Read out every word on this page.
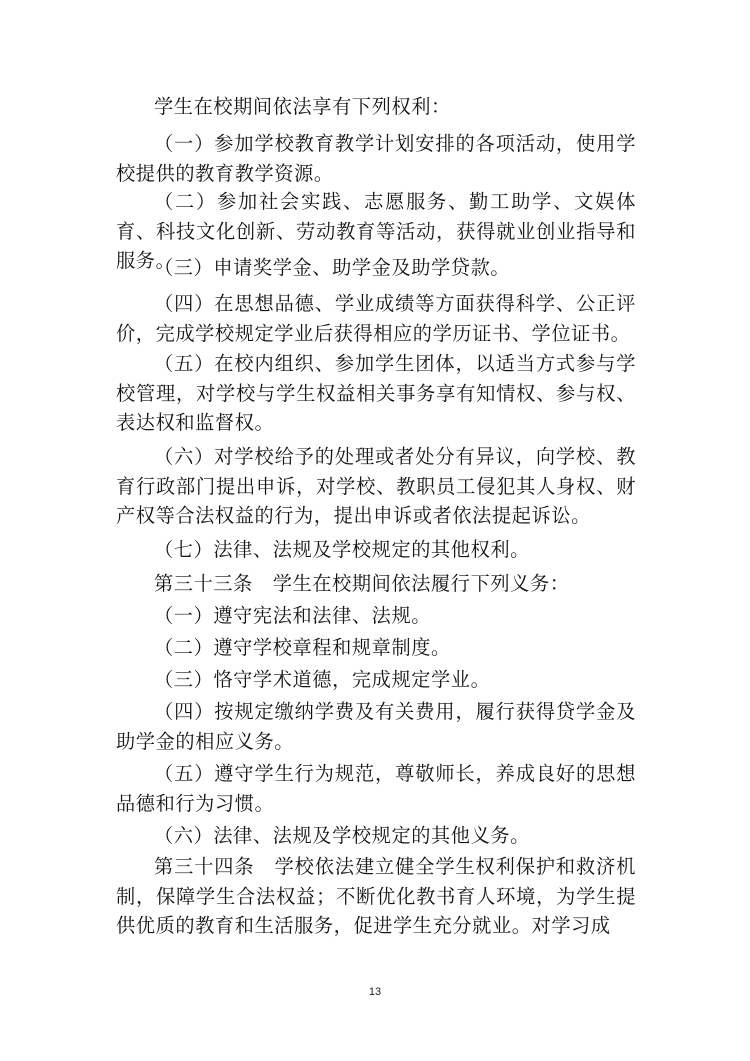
学生在校期间依法享有下列权利：

（一）参加学校教育教学计划安排的各项活动，使用学校提供的教育教学资源。

（二）参加社会实践、志愿服务、勤工助学、文娱体育、科技文化创新、劳动教育等活动，获得就业创业指导和服务。

（三）申请奖学金、助学金及助学贷款。

（四）在思想品德、学业成绩等方面获得科学、公正评价，完成学校规定学业后获得相应的学历证书、学位证书。

（五）在校内组织、参加学生团体，以适当方式参与学校管理，对学校与学生权益相关事务享有知情权、参与权、表达权和监督权。

（六）对学校给予的处理或者处分有异议，向学校、教育行政部门提出申诉，对学校、教职员工侵犯其人身权、财产权等合法权益的行为，提出申诉或者依法提起诉讼。

（七）法律、法规及学校规定的其他权利。

第三十三条　学生在校期间依法履行下列义务：

（一）遵守宪法和法律、法规。

（二）遵守学校章程和规章制度。

（三）恪守学术道德，完成规定学业。

（四）按规定缴纳学费及有关费用，履行获得贷学金及助学金的相应义务。

（五）遵守学生行为规范，尊敬师长，养成良好的思想品德和行为习惯。

（六）法律、法规及学校规定的其他义务。

第三十四条　学校依法建立健全学生权利保护和救济机制，保障学生合法权益；不断优化教书育人环境，为学生提供优质的教育和生活服务，促进学生充分就业。对学习成

13
